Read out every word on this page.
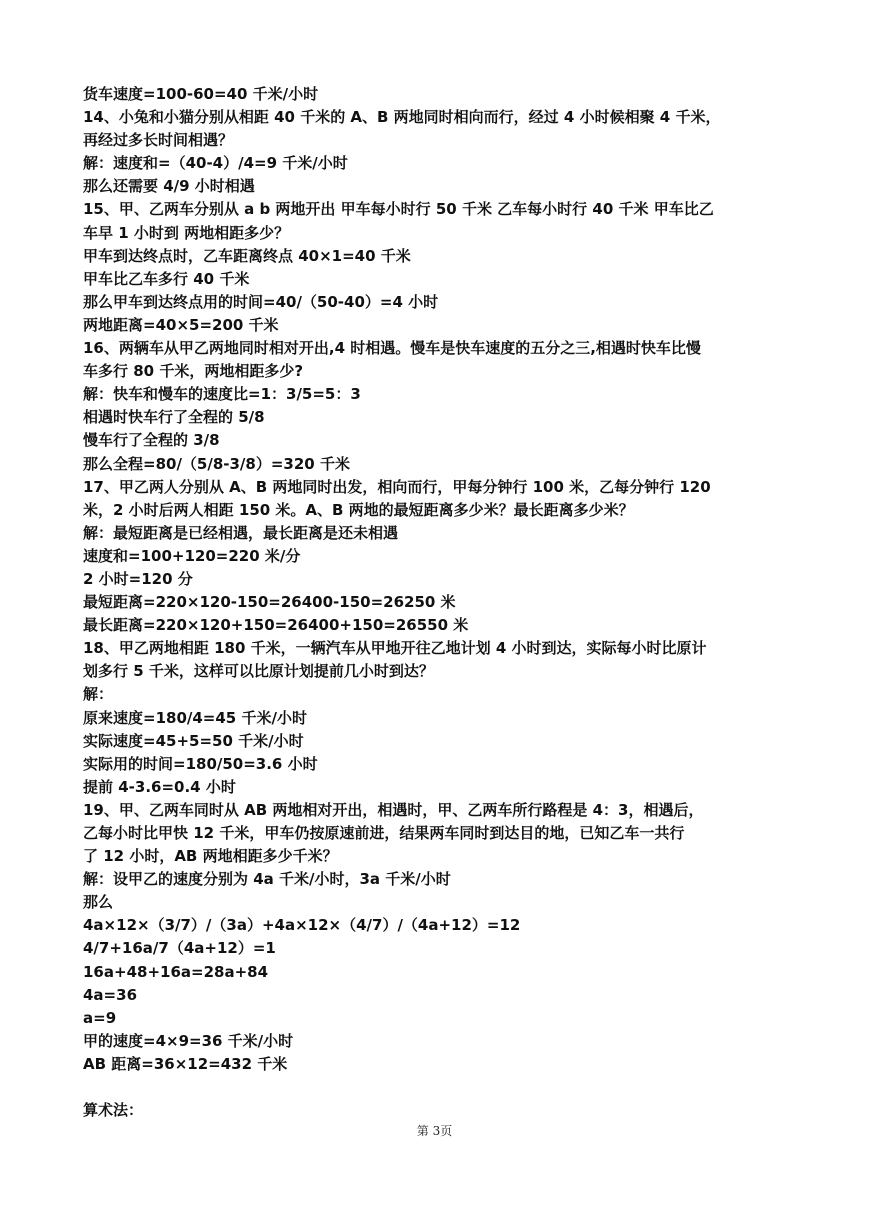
货车速度=100-60=40 千米/小时
14、小兔和小猫分别从相距 40 千米的 A、B 两地同时相向而行，经过 4 小时候相聚 4 千米，
再经过多长时间相遇？
解：速度和=（40-4）/4=9 千米/小时
那么还需要 4/9 小时相遇
15、甲、乙两车分别从 a b 两地开出 甲车每小时行 50 千米 乙车每小时行 40 千米 甲车比乙
车早 1 小时到 两地相距多少？
甲车到达终点时，乙车距离终点 40×1=40 千米
甲车比乙车多行 40 千米
那么甲车到达终点用的时间=40/（50-40）=4 小时
两地距离=40×5=200 千米
16、两辆车从甲乙两地同时相对开出,4 时相遇。慢车是快车速度的五分之三,相遇时快车比慢
车多行 80 千米，两地相距多少?
解：快车和慢车的速度比=1：3/5=5：3
相遇时快车行了全程的 5/8
慢车行了全程的 3/8
那么全程=80/（5/8-3/8）=320 千米
17、甲乙两人分别从 A、B 两地同时出发，相向而行，甲每分钟行 100 米，乙每分钟行 120
米，2 小时后两人相距 150 米。A、B 两地的最短距离多少米？最长距离多少米？
解：最短距离是已经相遇，最长距离是还未相遇
速度和=100+120=220 米/分
2 小时=120 分
最短距离=220×120-150=26400-150=26250 米
最长距离=220×120+150=26400+150=26550 米
18、甲乙两地相距 180 千米，一辆汽车从甲地开往乙地计划 4 小时到达，实际每小时比原计
划多行 5 千米，这样可以比原计划提前几小时到达？
解：
原来速度=180/4=45 千米/小时
实际速度=45+5=50 千米/小时
实际用的时间=180/50=3.6 小时
提前 4-3.6=0.4 小时
19、甲、乙两车同时从 AB 两地相对开出，相遇时，甲、乙两车所行路程是 4：3，相遇后，
乙每小时比甲快 12 千米，甲车仍按原速前进，结果两车同时到达目的地，已知乙车一共行
了 12 小时，AB 两地相距多少千米？
解：设甲乙的速度分别为 4a 千米/小时，3a 千米/小时
那么
4a×12×（3/7）/（3a）+4a×12×（4/7）/（4a+12）=12
4/7+16a/7（4a+12）=1
16a+48+16a=28a+84
4a=36
a=9
甲的速度=4×9=36 千米/小时
AB 距离=36×12=432 千米
算术法：
第 3页
